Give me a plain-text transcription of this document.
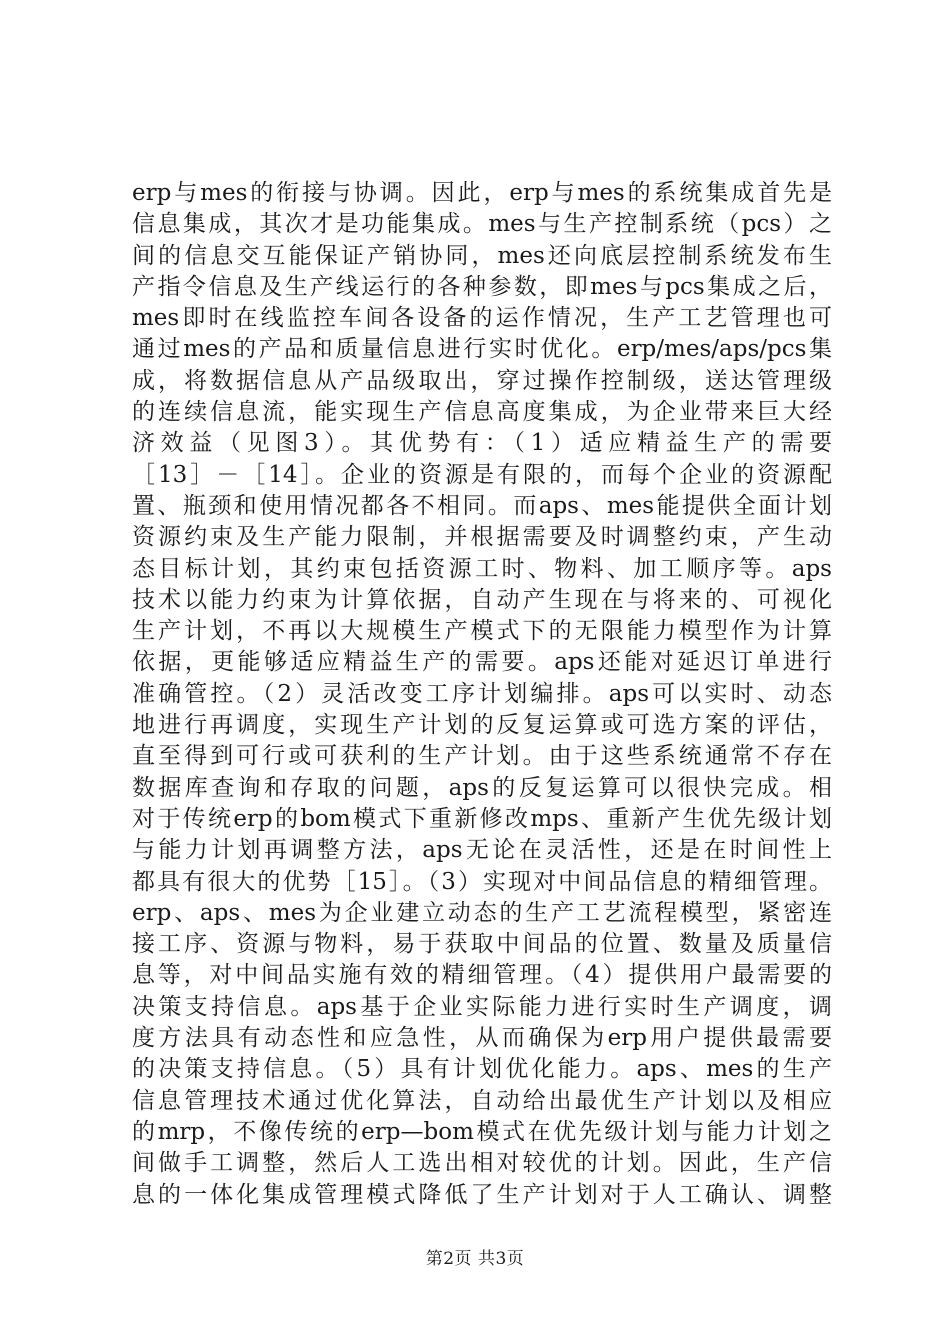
erp与mes的衔接与协调。因此，erp与mes的系统集成首先是
信息集成，其次才是功能集成。mes与生产控制系统（pcs）之
间的信息交互能保证产销协同，mes还向底层控制系统发布生
产指令信息及生产线运行的各种参数，即mes与pcs集成之后，
mes即时在线监控车间各设备的运作情况，生产工艺管理也可
通过mes的产品和质量信息进行实时优化。erp/mes/aps/pcs集
成，将数据信息从产品级取出，穿过操作控制级，送达管理级
的连续信息流，能实现生产信息高度集成，为企业带来巨大经
济效益（见图3）。其优势有：（1）适应精益生产的需要
［13］－［14］。企业的资源是有限的，而每个企业的资源配
置、瓶颈和使用情况都各不相同。而aps、mes能提供全面计划
资源约束及生产能力限制，并根据需要及时调整约束，产生动
态目标计划，其约束包括资源工时、物料、加工顺序等。aps
技术以能力约束为计算依据，自动产生现在与将来的、可视化
生产计划，不再以大规模生产模式下的无限能力模型作为计算
依据，更能够适应精益生产的需要。aps还能对延迟订单进行
准确管控。（2）灵活改变工序计划编排。aps可以实时、动态
地进行再调度，实现生产计划的反复运算或可选方案的评估，
直至得到可行或可获利的生产计划。由于这些系统通常不存在
数据库查询和存取的问题，aps的反复运算可以很快完成。相
对于传统erp的bom模式下重新修改mps、重新产生优先级计划
与能力计划再调整方法，aps无论在灵活性，还是在时间性上
都具有很大的优势［15］。（3）实现对中间品信息的精细管理。
erp、aps、mes为企业建立动态的生产工艺流程模型，紧密连
接工序、资源与物料，易于获取中间品的位置、数量及质量信
息等，对中间品实施有效的精细管理。（4）提供用户最需要的
决策支持信息。aps基于企业实际能力进行实时生产调度，调
度方法具有动态性和应急性，从而确保为erp用户提供最需要
的决策支持信息。（5）具有计划优化能力。aps、mes的生产
信息管理技术通过优化算法，自动给出最优生产计划以及相应
的mrp，不像传统的erp—bom模式在优先级计划与能力计划之
间做手工调整，然后人工选出相对较优的计划。因此，生产信
息的一体化集成管理模式降低了生产计划对于人工确认、调整
第2页 共3页
